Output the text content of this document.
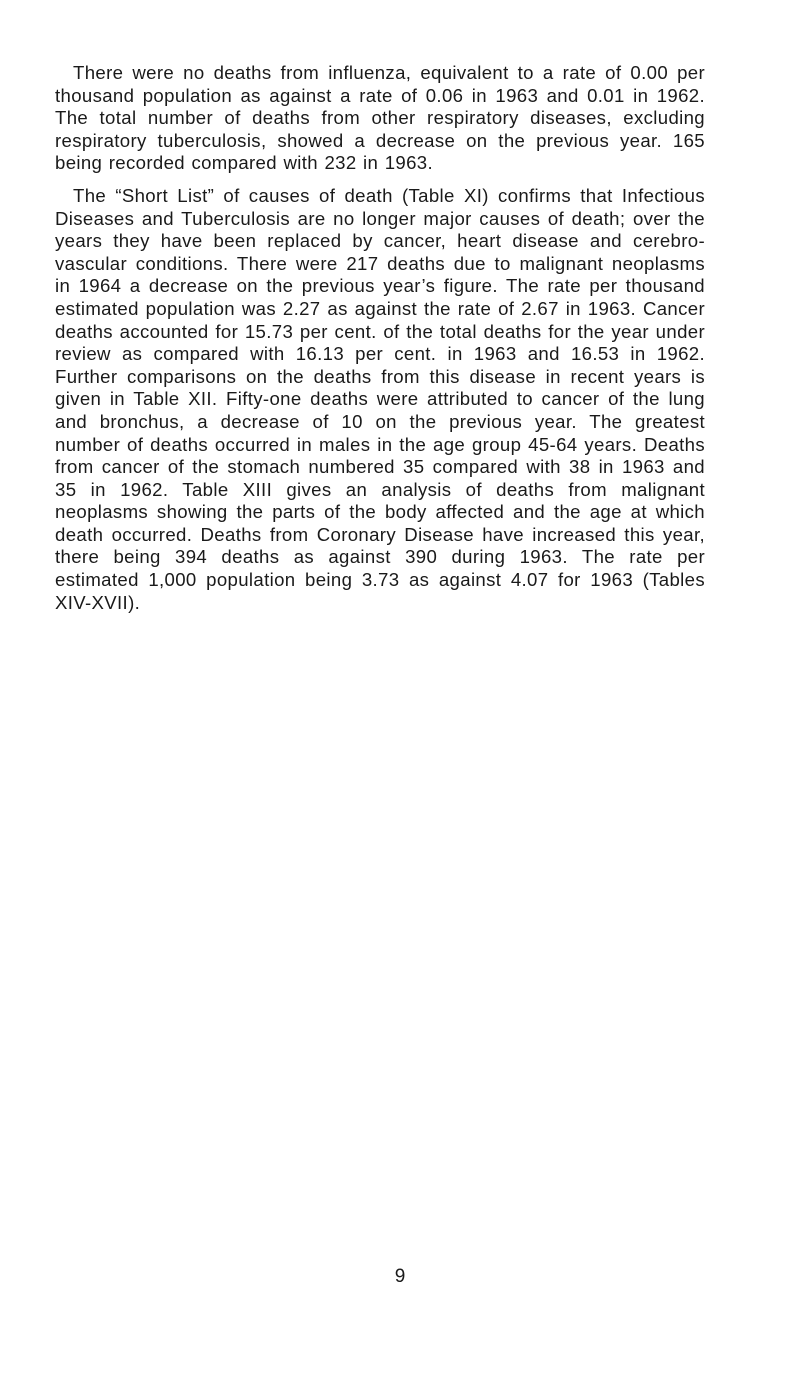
There were no deaths from influenza, equivalent to a rate of 0.00 per thousand population as against a rate of 0.06 in 1963 and 0.01 in 1962. The total number of deaths from other respiratory diseases, excluding respiratory tuberculosis, showed a decrease on the previous year. 165 being recorded compared with 232 in 1963.

The “Short List” of causes of death (Table XI) confirms that Infectious Diseases and Tuberculosis are no longer major causes of death; over the years they have been replaced by cancer, heart disease and cerebro-vascular conditions. There were 217 deaths due to malignant neoplasms in 1964 a decrease on the previous year’s figure. The rate per thousand estimated population was 2.27 as against the rate of 2.67 in 1963. Cancer deaths accounted for 15.73 per cent. of the total deaths for the year under review as compared with 16.13 per cent. in 1963 and 16.53 in 1962. Further comparisons on the deaths from this disease in recent years is given in Table XII. Fifty-one deaths were attributed to cancer of the lung and bronchus, a decrease of 10 on the previous year. The greatest number of deaths occurred in males in the age group 45-64 years. Deaths from cancer of the stomach numbered 35 compared with 38 in 1963 and 35 in 1962. Table XIII gives an analysis of deaths from malignant neoplasms showing the parts of the body affected and the age at which death occurred. Deaths from Coronary Disease have increased this year, there being 394 deaths as against 390 during 1963. The rate per estimated 1,000 population being 3.73 as against 4.07 for 1963 (Tables XIV-XVII).

9
